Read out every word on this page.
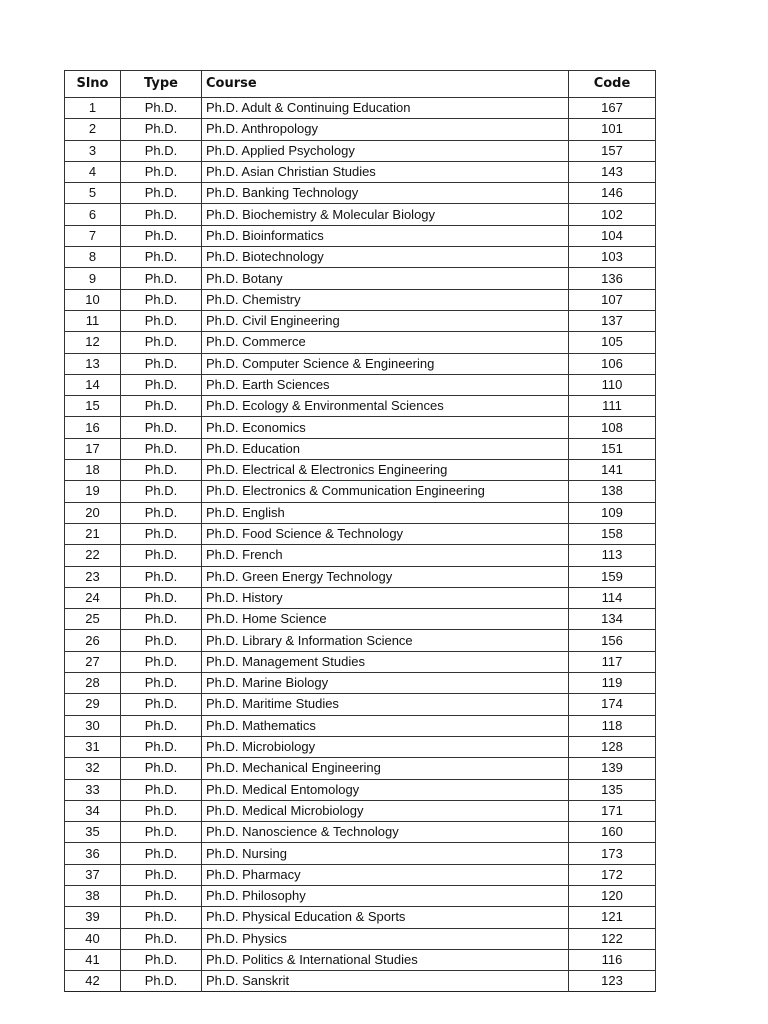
Slno	Type	Course	Code
1	Ph.D.	Ph.D. Adult & Continuing Education	167
2	Ph.D.	Ph.D. Anthropology	101
3	Ph.D.	Ph.D. Applied Psychology	157
4	Ph.D.	Ph.D. Asian Christian Studies	143
5	Ph.D.	Ph.D. Banking Technology	146
6	Ph.D.	Ph.D. Biochemistry & Molecular Biology	102
7	Ph.D.	Ph.D. Bioinformatics	104
8	Ph.D.	Ph.D. Biotechnology	103
9	Ph.D.	Ph.D. Botany	136
10	Ph.D.	Ph.D. Chemistry	107
11	Ph.D.	Ph.D. Civil Engineering	137
12	Ph.D.	Ph.D. Commerce	105
13	Ph.D.	Ph.D. Computer Science & Engineering	106
14	Ph.D.	Ph.D. Earth Sciences	110
15	Ph.D.	Ph.D. Ecology & Environmental Sciences	111
16	Ph.D.	Ph.D. Economics	108
17	Ph.D.	Ph.D. Education	151
18	Ph.D.	Ph.D. Electrical & Electronics Engineering	141
19	Ph.D.	Ph.D. Electronics & Communication Engineering	138
20	Ph.D.	Ph.D. English	109
21	Ph.D.	Ph.D. Food Science & Technology	158
22	Ph.D.	Ph.D. French	113
23	Ph.D.	Ph.D. Green Energy Technology	159
24	Ph.D.	Ph.D. History	114
25	Ph.D.	Ph.D. Home Science	134
26	Ph.D.	Ph.D. Library & Information Science	156
27	Ph.D.	Ph.D. Management Studies	117
28	Ph.D.	Ph.D. Marine Biology	119
29	Ph.D.	Ph.D. Maritime Studies	174
30	Ph.D.	Ph.D. Mathematics	118
31	Ph.D.	Ph.D. Microbiology	128
32	Ph.D.	Ph.D. Mechanical Engineering	139
33	Ph.D.	Ph.D. Medical Entomology	135
34	Ph.D.	Ph.D. Medical Microbiology	171
35	Ph.D.	Ph.D. Nanoscience & Technology	160
36	Ph.D.	Ph.D. Nursing	173
37	Ph.D.	Ph.D. Pharmacy	172
38	Ph.D.	Ph.D. Philosophy	120
39	Ph.D.	Ph.D. Physical Education & Sports	121
40	Ph.D.	Ph.D. Physics	122
41	Ph.D.	Ph.D. Politics & International Studies	116
42	Ph.D.	Ph.D. Sanskrit	123
